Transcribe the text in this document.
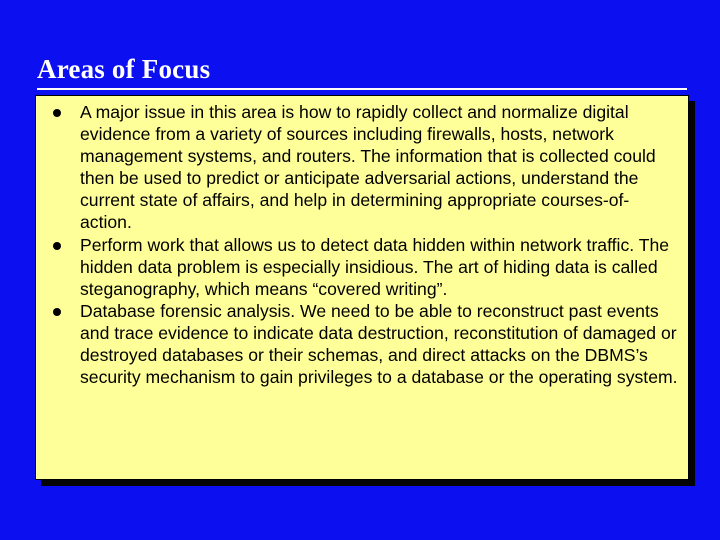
Areas of Focus
A major issue in this area is how to rapidly collect and normalize digital evidence from a variety of sources including firewalls, hosts, network management systems, and routers. The information that is collected could then be used to predict or anticipate adversarial actions, understand the current state of affairs, and help in determining appropriate courses-of-action.
Perform work that allows us to detect data hidden within network traffic. The hidden data problem is especially insidious. The art of hiding data is called steganography, which means “covered writing”.
Database forensic analysis. We need to be able to reconstruct past events and trace evidence to indicate data destruction, reconstitution of damaged or destroyed databases or their schemas, and direct attacks on the DBMS’s security mechanism to gain privileges to a database or the operating system.
